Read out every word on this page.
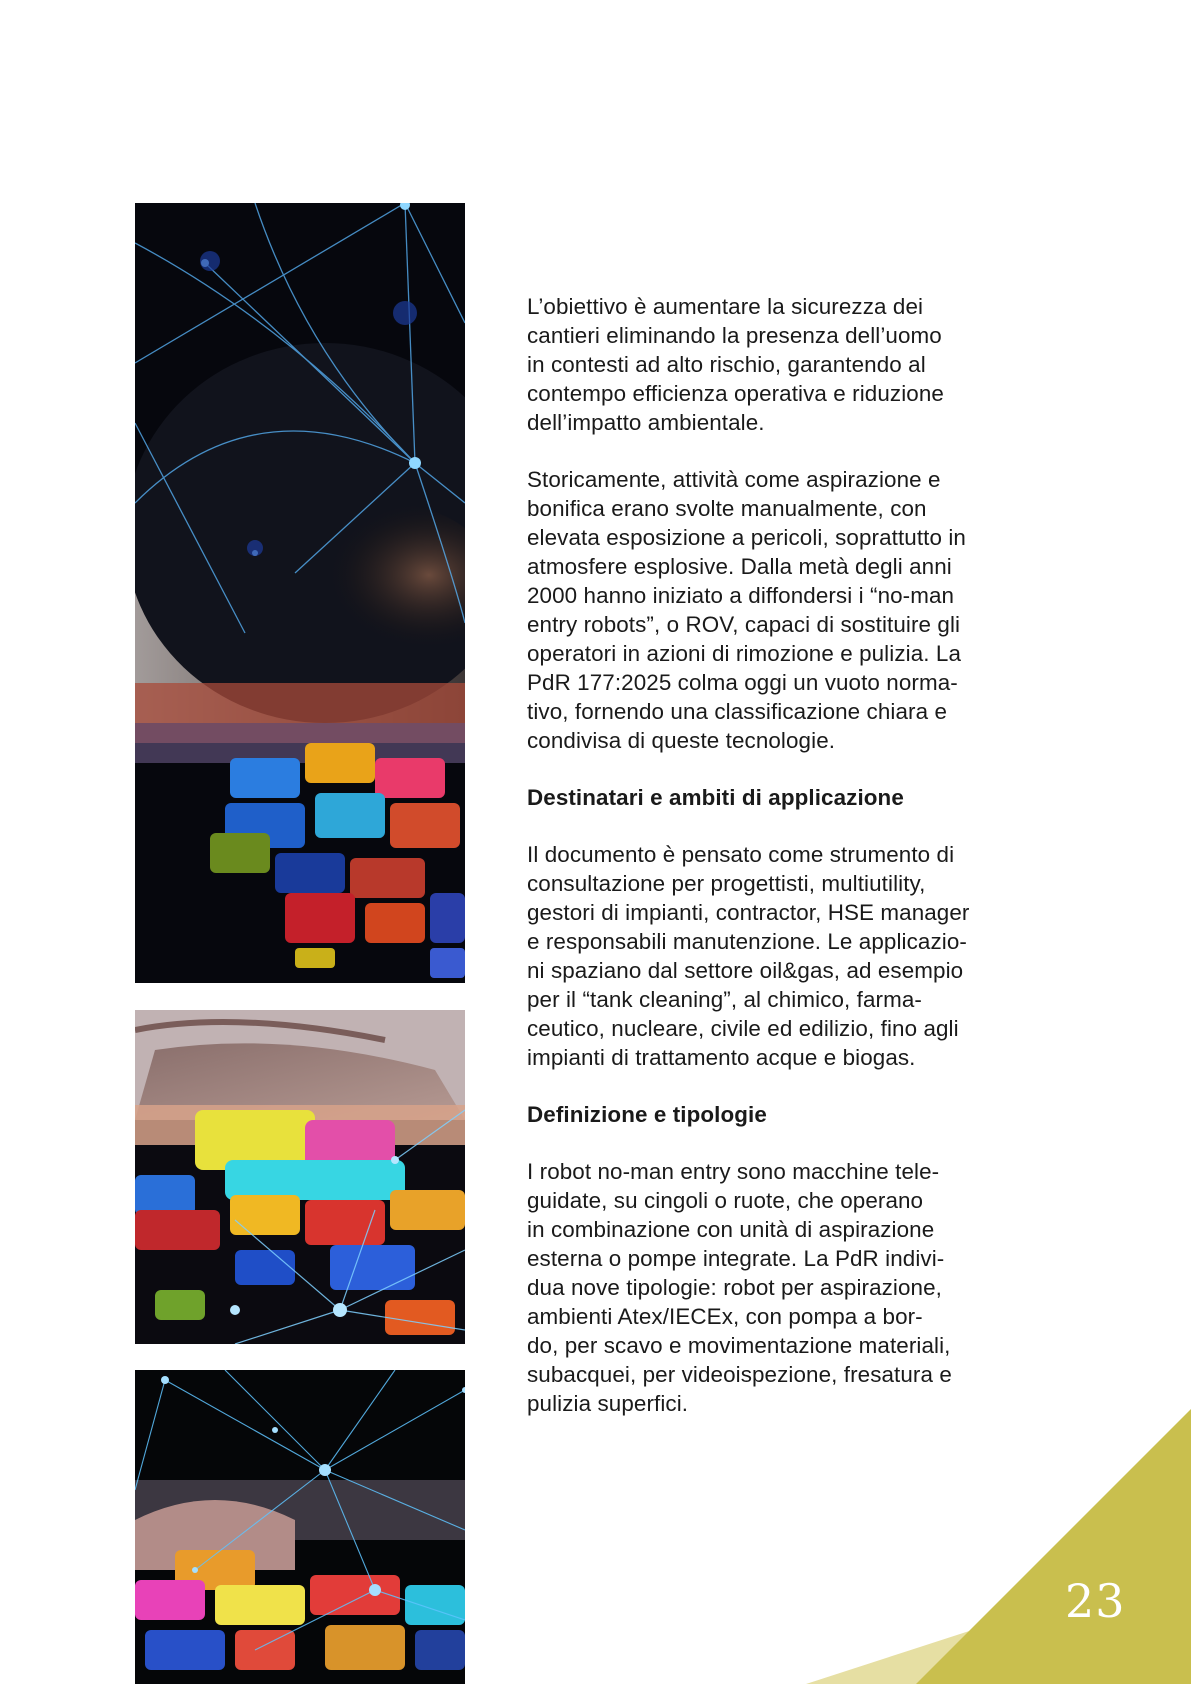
L’obiettivo è aumentare la sicurezza dei
cantieri eliminando la presenza dell’uomo
in contesti ad alto rischio, garantendo al
contempo efficienza operativa e riduzione
dell’impatto ambientale.

Storicamente, attività come aspirazione e
bonifica erano svolte manualmente, con
elevata esposizione a pericoli, soprattutto in
atmosfere esplosive. Dalla metà degli anni
2000 hanno iniziato a diffondersi i “no-man
entry robots”, o ROV, capaci di sostituire gli
operatori in azioni di rimozione e pulizia. La
PdR 177:2025 colma oggi un vuoto norma-
tivo, fornendo una classificazione chiara e
condivisa di queste tecnologie.

Destinatari e ambiti di applicazione

Il documento è pensato come strumento di
consultazione per progettisti, multiutility,
gestori di impianti, contractor, HSE manager
e responsabili manutenzione. Le applicazio-
ni spaziano dal settore oil&gas, ad esempio
per il “tank cleaning”, al chimico, farma-
ceutico, nucleare, civile ed edilizio, fino agli
impianti di trattamento acque e biogas.

Definizione e tipologie

I robot no-man entry sono macchine tele-
guidate, su cingoli o ruote, che operano
in combinazione con unità di aspirazione
esterna o pompe integrate. La PdR indivi-
dua nove tipologie: robot per aspirazione,
ambienti Atex/IECEx, con pompa a bor-
do, per scavo e movimentazione materiali,
subacquei, per videoispezione, fresatura e
pulizia superfici.

23
